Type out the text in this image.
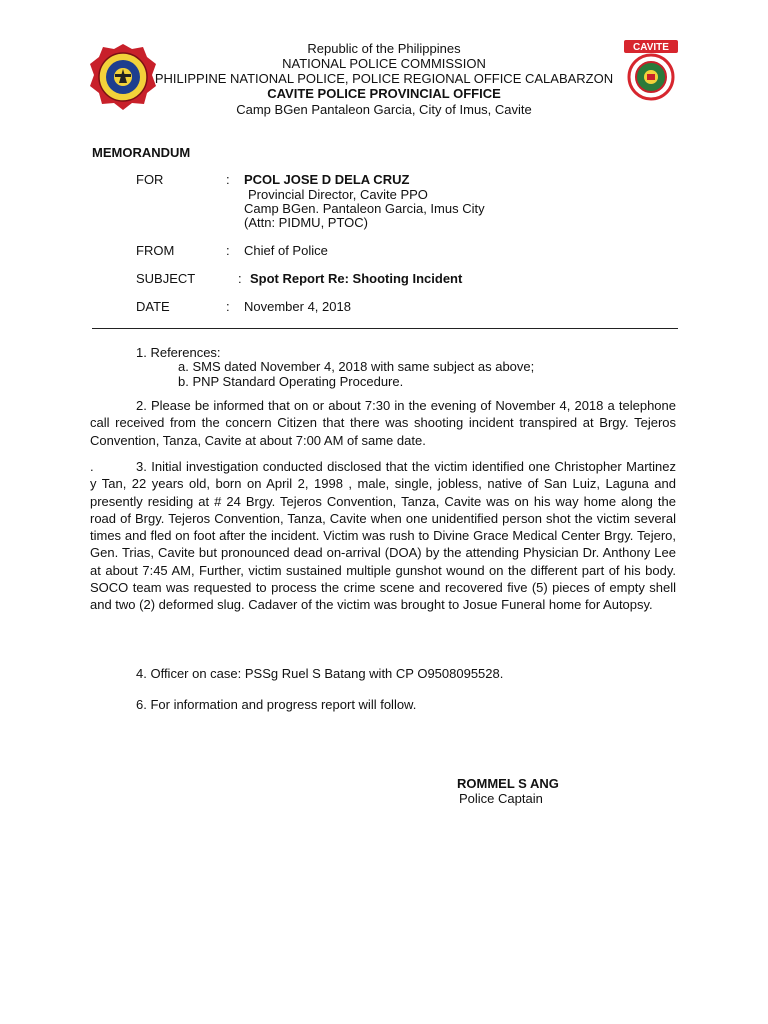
CAVITE
Republic of the Philippines
NATIONAL POLICE COMMISSION
PHILIPPINE NATIONAL POLICE, POLICE REGIONAL OFFICE CALABARZON
CAVITE POLICE PROVINCIAL OFFICE
Camp BGen Pantaleon Garcia, City of Imus, Cavite
MEMORANDUM
FOR	: PCOL JOSE D DELA CRUZ
Provincial Director, Cavite PPO
Camp BGen. Pantaleon Garcia, Imus City
(Attn: PIDMU, PTOC)
FROM	: Chief of Police
SUBJECT	: Spot Report Re: Shooting Incident
DATE	: November 4, 2018
1. References:
a. SMS dated November 4, 2018 with same subject as above;
b. PNP Standard Operating Procedure.
2. Please be informed that on or about 7:30 in the evening of November 4, 2018 a telephone call received from the concern Citizen that there was shooting incident transpired at Brgy. Tejeros Convention, Tanza, Cavite at about 7:00 AM of same date.
.	3. Initial investigation conducted disclosed that the victim identified one Christopher Martinez y Tan, 22 years old, born on April 2, 1998 , male, single, jobless, native of San Luiz, Laguna and presently residing at # 24 Brgy. Tejeros Convention, Tanza, Cavite was on his way home along the road of Brgy. Tejeros Convention, Tanza, Cavite when one unidentified person shot the victim several times and fled on foot after the incident. Victim was rush to Divine Grace Medical Center Brgy. Tejero, Gen. Trias, Cavite but pronounced dead on-arrival (DOA) by the attending Physician Dr. Anthony Lee at about 7:45 AM, Further, victim sustained multiple gunshot wound on the different part of his body. SOCO team was requested to process the crime scene and recovered five (5) pieces of empty shell and two (2) deformed slug. Cadaver of the victim was brought to Josue Funeral home for Autopsy.
4. Officer on case: PSSg Ruel S Batang with CP O9508095528.
6. For information and progress report will follow.
ROMMEL S ANG
Police Captain
